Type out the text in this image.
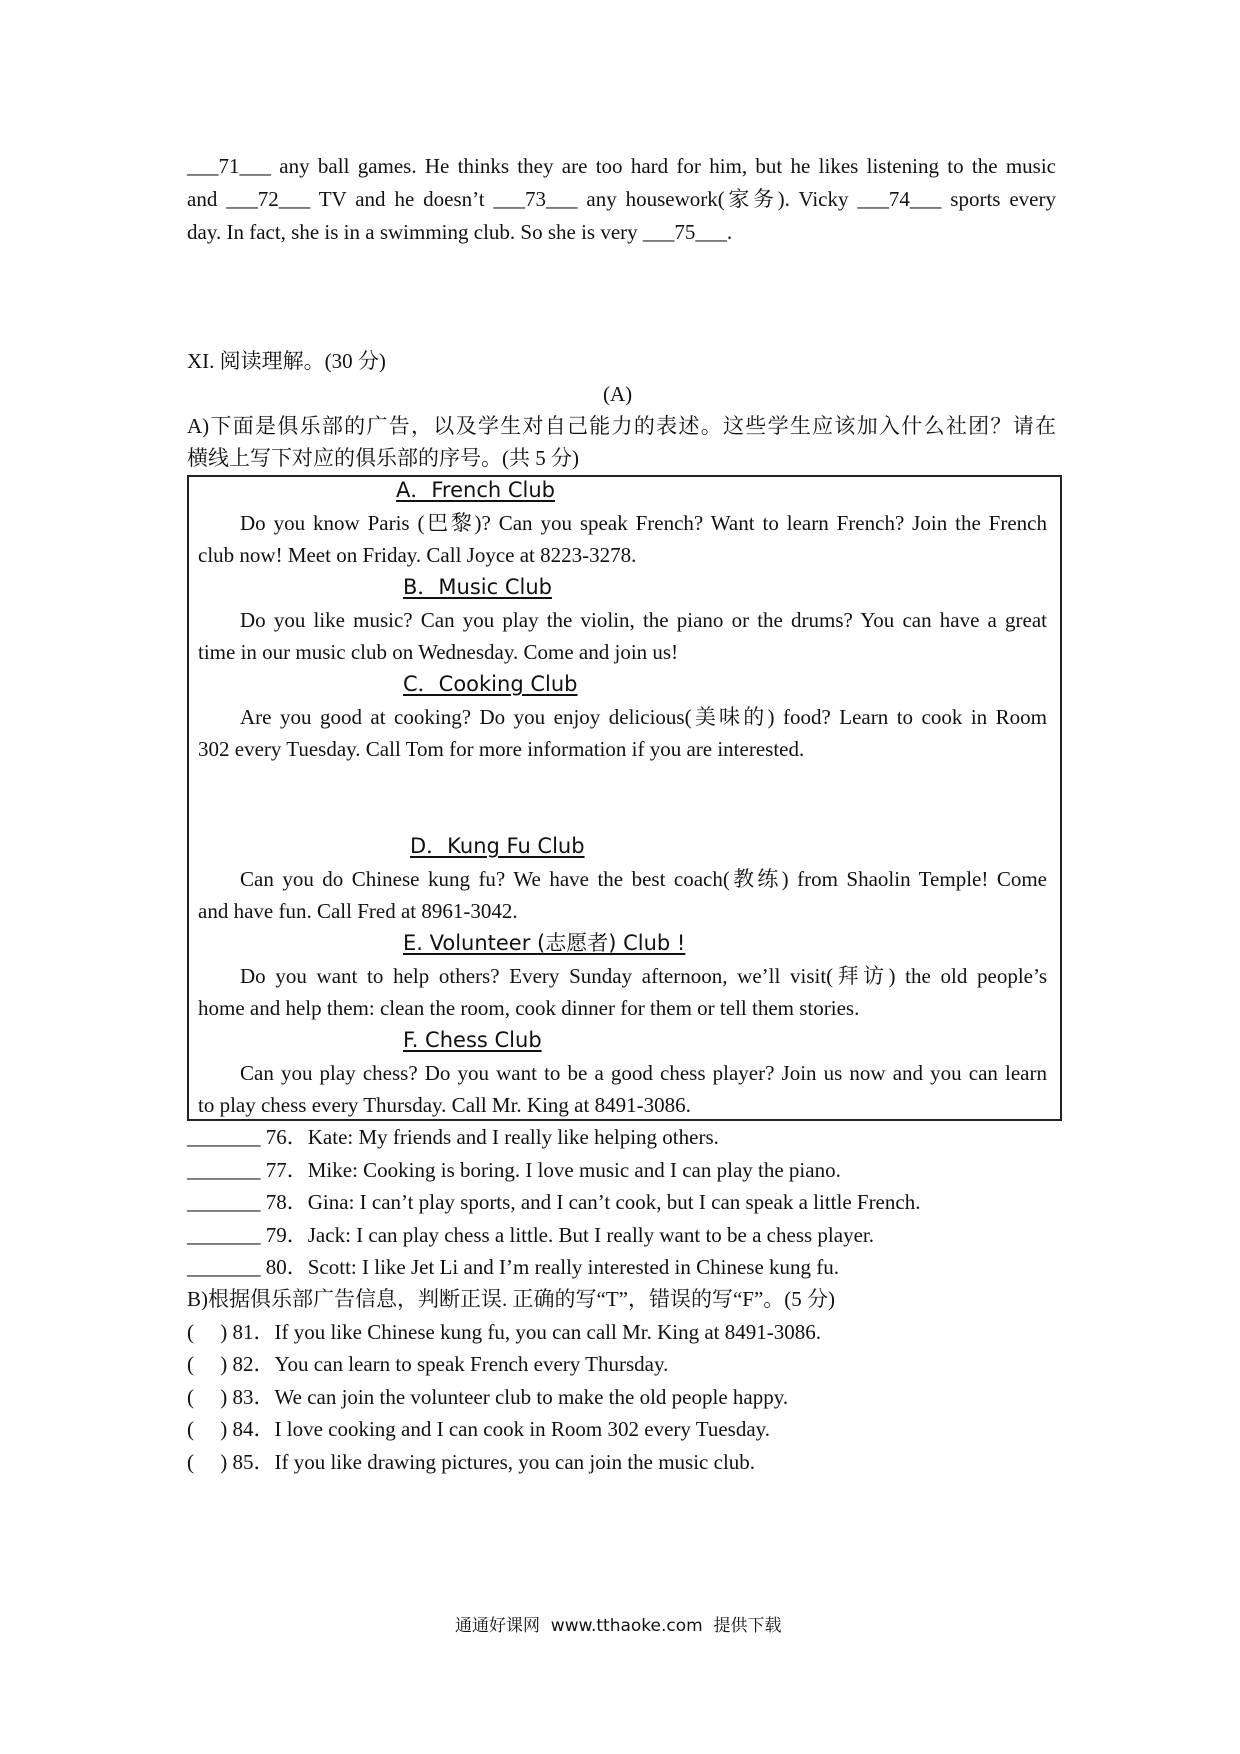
___71___ any ball games. He thinks they are too hard for him, but he likes listening to the music
and ___72___ TV and he doesn’t ___73___ any housework(家务). Vicky ___74___ sports every
day. In fact, she is in a swimming club. So she is very ___75___.
XI. 阅读理解。(30 分)
(A)
A)下面是俱乐部的广告，以及学生对自己能力的表述。这些学生应该加入什么社团？请在
横线上写下对应的俱乐部的序号。(共 5 分)
A．French Club
Do you know Paris (巴黎)? Can you speak French? Want to learn French? Join the French
club now! Meet on Friday. Call Joyce at 8223-3278.
B．Music Club
Do you like music? Can you play the violin, the piano or the drums? You can have a great
time in our music club on Wednesday. Come and join us!
C．Cooking Club
Are you good at cooking? Do you enjoy delicious(美味的) food? Learn to cook in Room
302 every Tuesday. Call Tom for more information if you are interested.
D．Kung Fu Club
Can you do Chinese kung fu? We have the best coach(教练) from Shaolin Temple! Come
and have fun. Call Fred at 8961-3042.
E. Volunteer (志愿者) Club !
Do you want to help others? Every Sunday afternoon, we’ll visit(拜访) the old people’s
home and help them: clean the room, cook dinner for them or tell them stories.
F. Chess Club
Can you play chess? Do you want to be a good chess player? Join us now and you can learn
to play chess every Thursday. Call Mr. King at 8491-3086.
_______ 76．Kate: My friends and I really like helping others.
_______ 77．Mike: Cooking is boring. I love music and I can play the piano.
_______ 78．Gina: I can’t play sports, and I can’t cook, but I can speak a little French.
_______ 79．Jack: I can play chess a little. But I really want to be a chess player.
_______ 80．Scott: I like Jet Li and I’m really interested in Chinese kung fu.
B)根据俱乐部广告信息，判断正误. 正确的写“T”，错误的写“F”。(5 分)
(     ) 81．If you like Chinese kung fu, you can call Mr. King at 8491-3086.
(     ) 82．You can learn to speak French every Thursday.
(     ) 83．We can join the volunteer club to make the old people happy.
(     ) 84．I love cooking and I can cook in Room 302 every Tuesday.
(     ) 85．If you like drawing pictures, you can join the music club.
通通好课网  www.tthaoke.com  提供下载
